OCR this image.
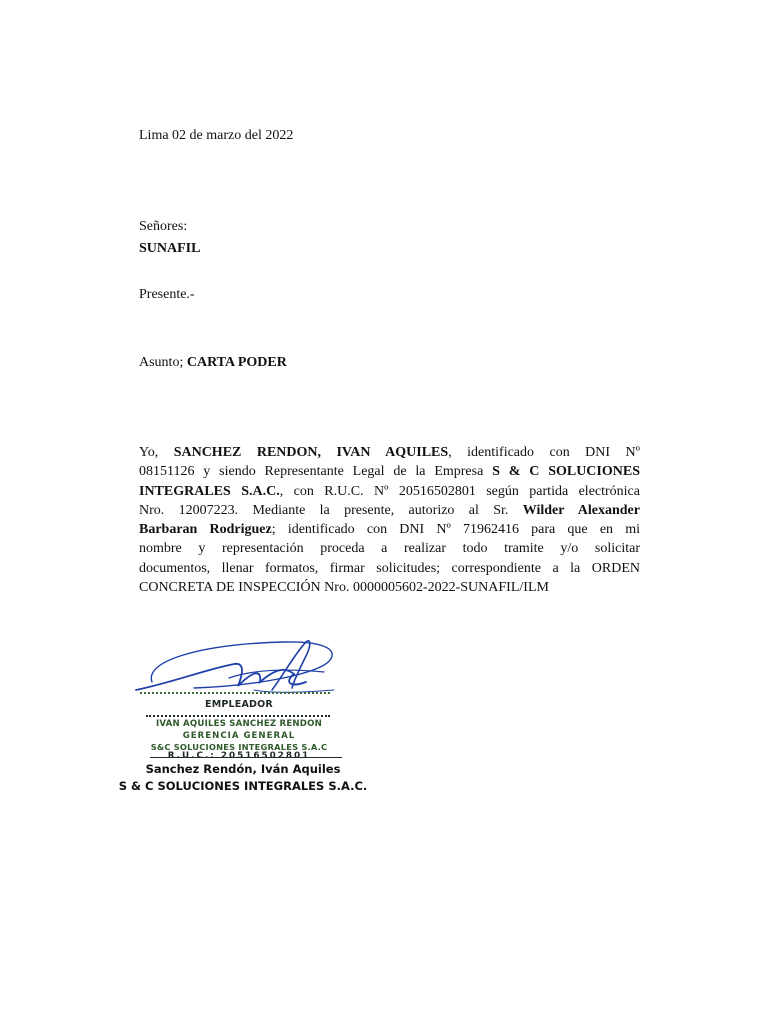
Lima 02 de marzo del 2022
Señores:
SUNAFIL
Presente.-
Asunto; CARTA PODER
Yo, SANCHEZ RENDON, IVAN AQUILES, identificado con DNI Nº
08151126 y siendo Representante Legal de la Empresa S & C SOLUCIONES
INTEGRALES S.A.C., con R.U.C. Nº 20516502801 según partida electrónica
Nro. 12007223. Mediante la presente, autorizo al Sr. Wilder Alexander
Barbaran Rodriguez; identificado con DNI Nº 71962416 para que en mi
nombre y representación proceda a realizar todo tramite y/o solicitar
documentos, llenar formatos, firmar solicitudes; correspondiente a la ORDEN
CONCRETA DE INSPECCIÓN Nro. 0000005602-2022-SUNAFIL/ILM
EMPLEADOR
IVAN AQUILES SANCHEZ RENDON
GERENCIA GENERAL
S&C SOLUCIONES INTEGRALES S.A.C
R.U.C.: 20516502801
Sanchez Rendón, Iván Aquiles
S & C SOLUCIONES INTEGRALES S.A.C.
